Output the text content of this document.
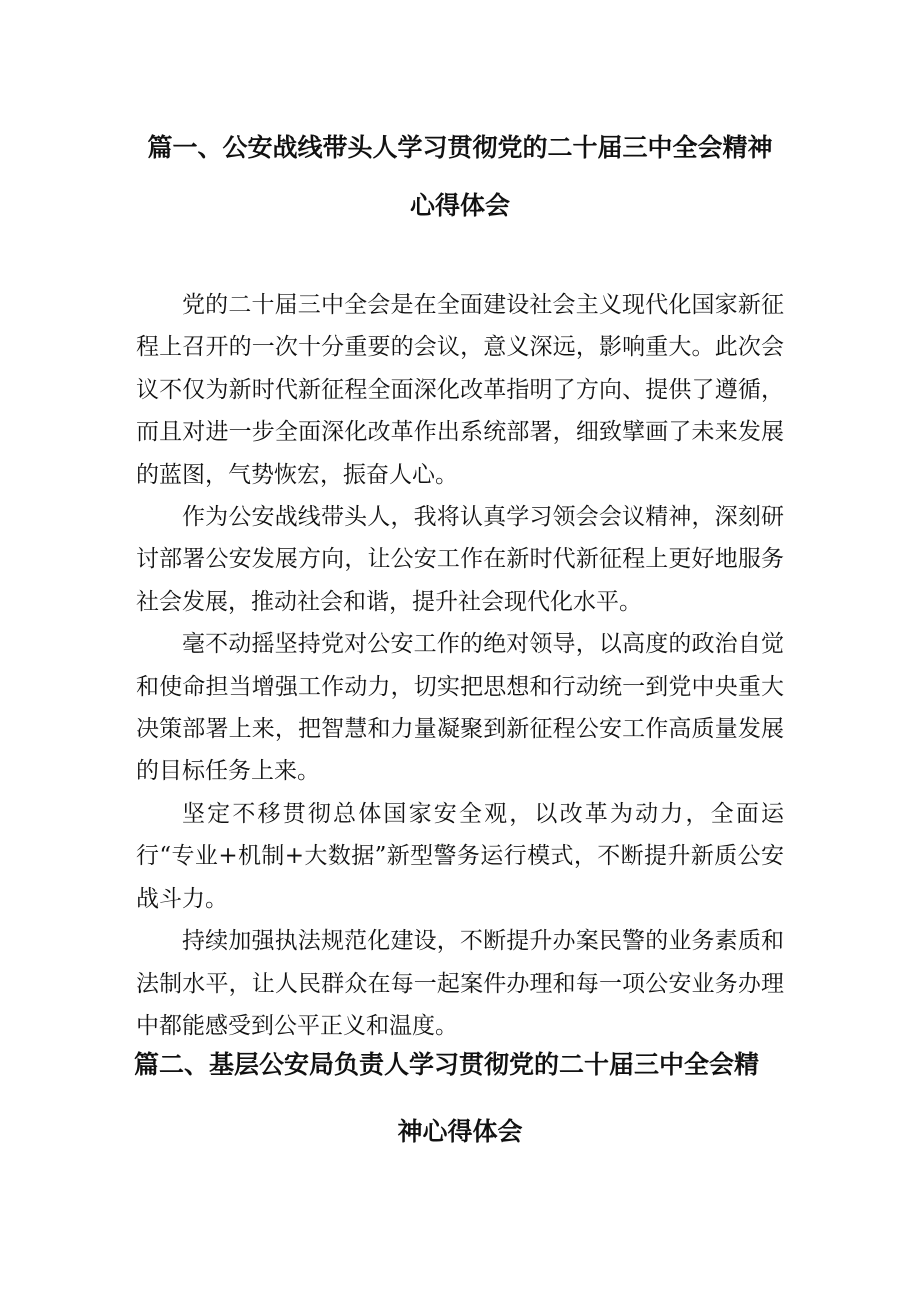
篇一、公安战线带头人学习贯彻党的二十届三中全会精神
心得体会

党的二十届三中全会是在全面建设社会主义现代化国家新征程上召开的一次十分重要的会议，意义深远，影响重大。此次会议不仅为新时代新征程全面深化改革指明了方向、提供了遵循，而且对进一步全面深化改革作出系统部署，细致擘画了未来发展的蓝图，气势恢宏，振奋人心。

作为公安战线带头人，我将认真学习领会会议精神，深刻研讨部署公安发展方向，让公安工作在新时代新征程上更好地服务社会发展，推动社会和谐，提升社会现代化水平。

毫不动摇坚持党对公安工作的绝对领导，以高度的政治自觉和使命担当增强工作动力，切实把思想和行动统一到党中央重大决策部署上来，把智慧和力量凝聚到新征程公安工作高质量发展的目标任务上来。

坚定不移贯彻总体国家安全观，以改革为动力，全面运行“专业+机制+大数据”新型警务运行模式，不断提升新质公安战斗力。

持续加强执法规范化建设，不断提升办案民警的业务素质和法制水平，让人民群众在每一起案件办理和每一项公安业务办理中都能感受到公平正义和温度。

篇二、基层公安局负责人学习贯彻党的二十届三中全会精
神心得体会
